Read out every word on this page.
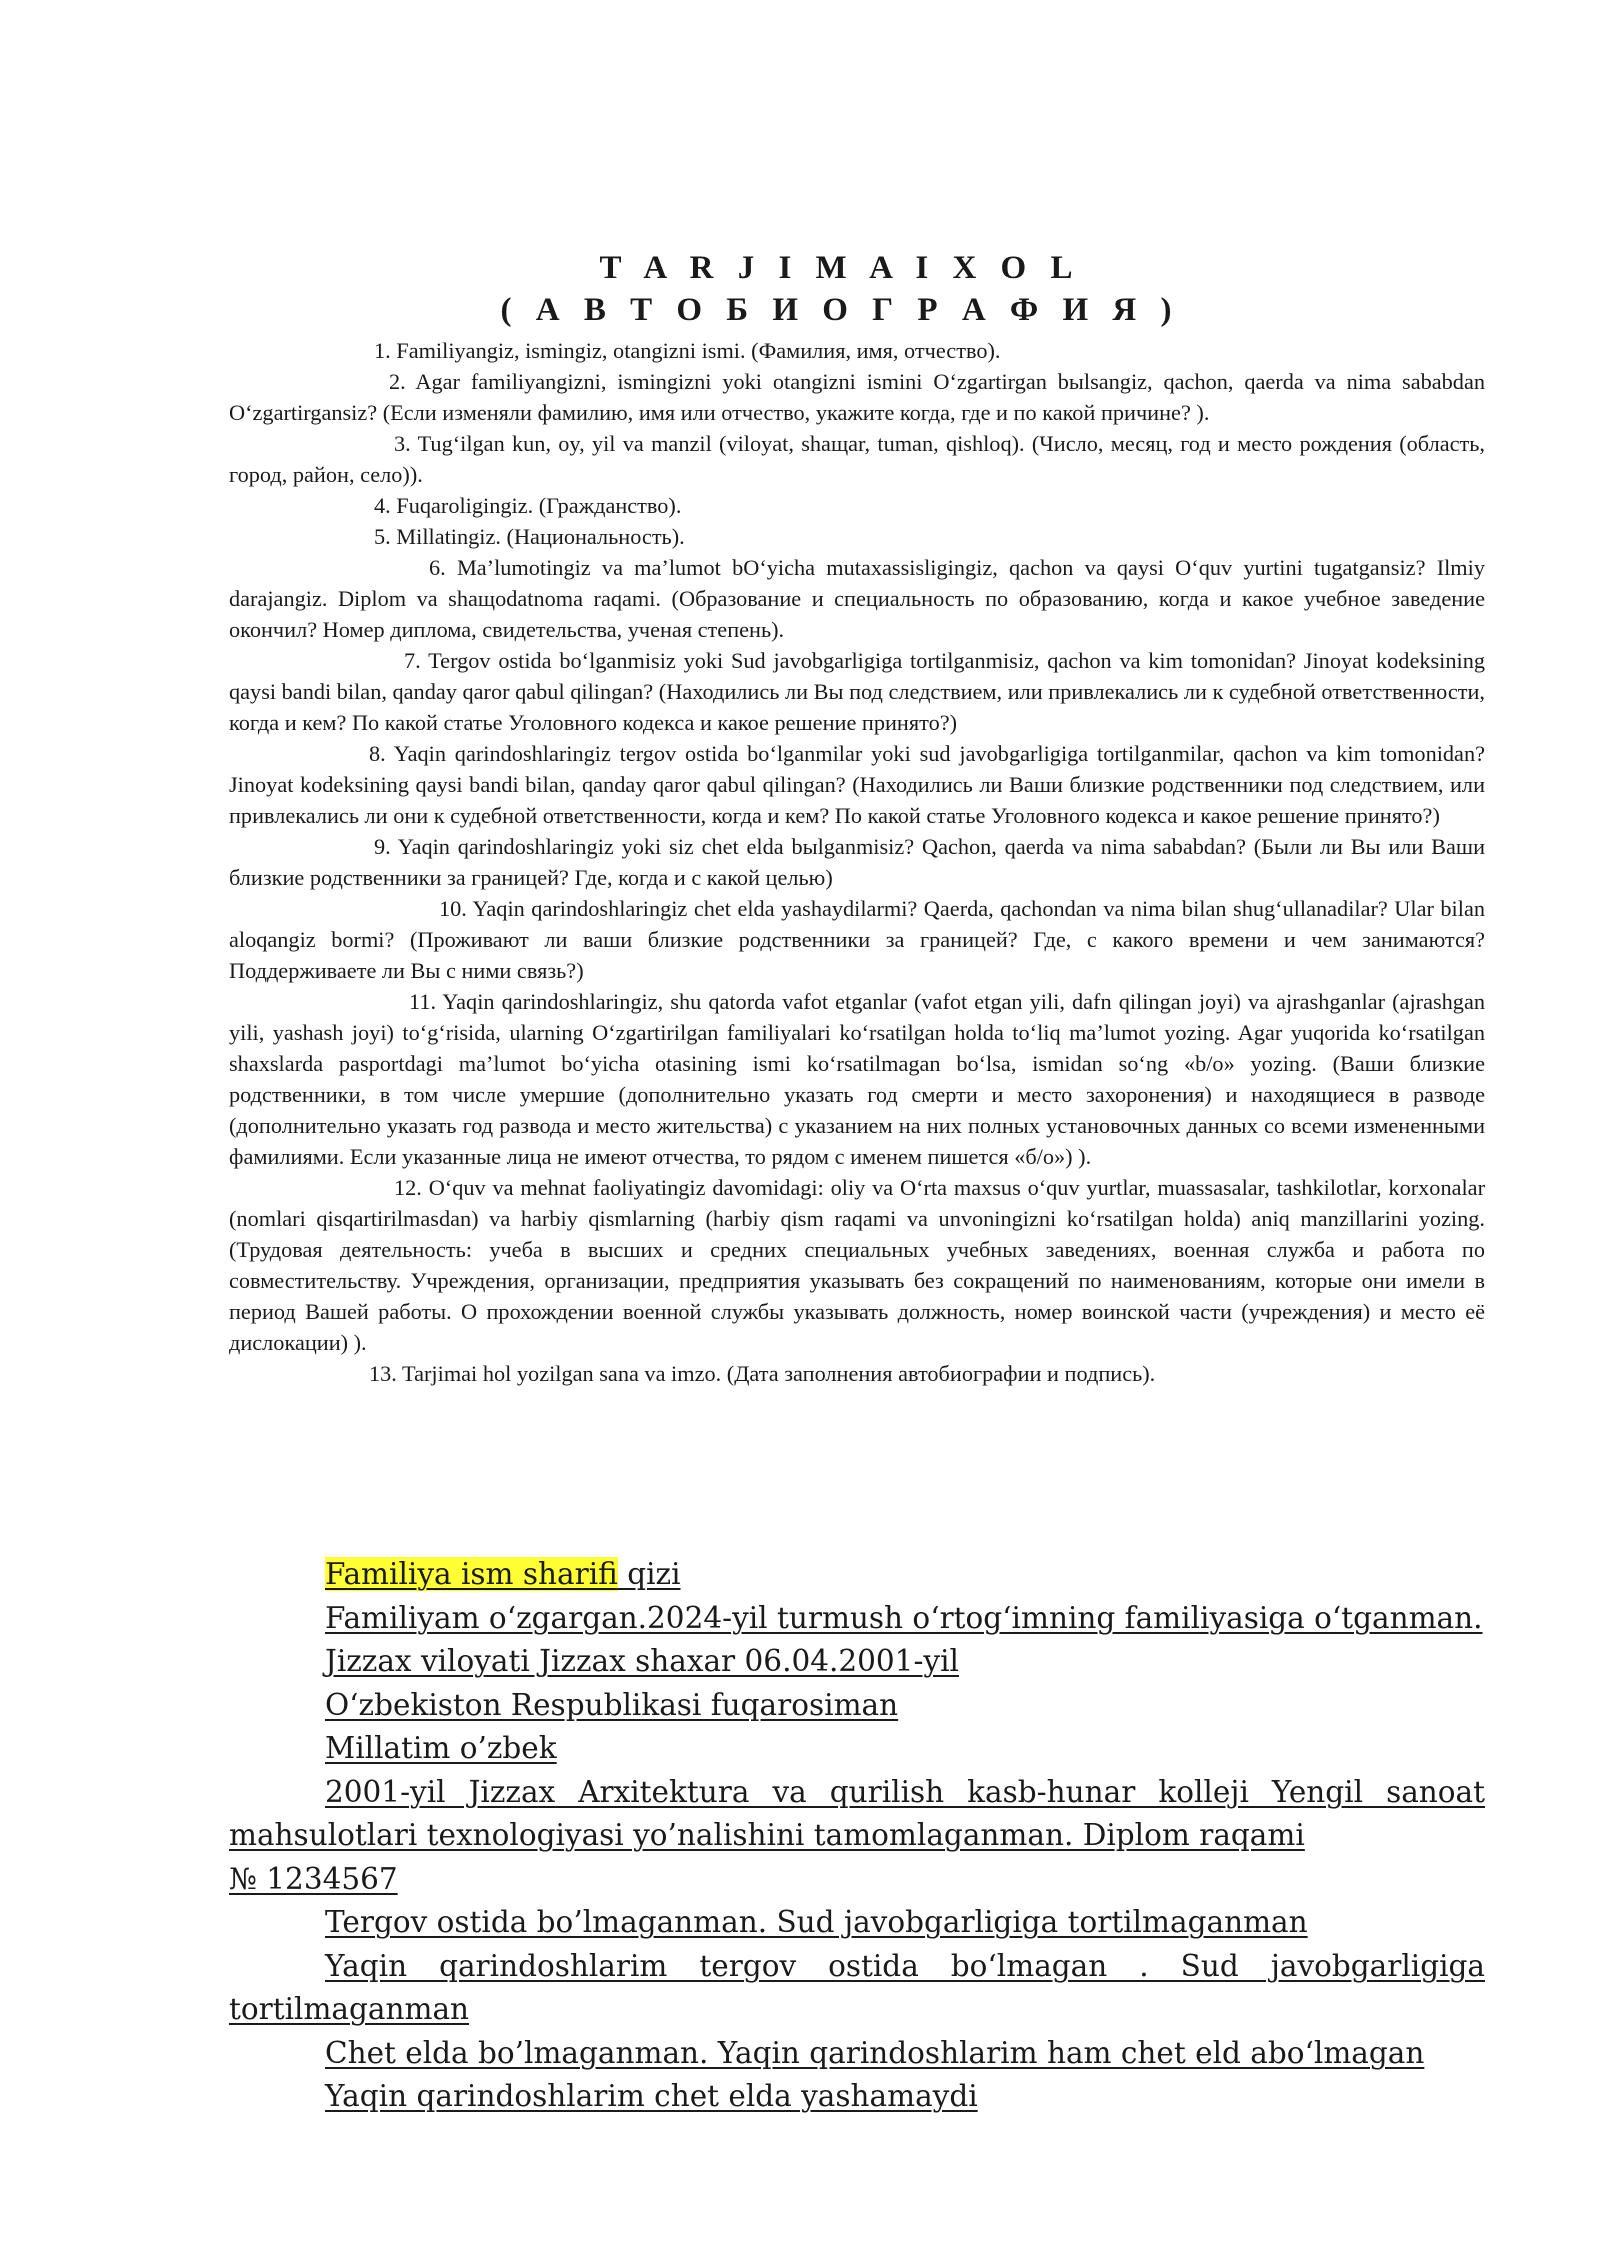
T A R J I M A I X O L
( А В Т О Б И О Г Р А Ф И Я )

1. Familiyangiz, ismingiz, otangizni ismi. (Фамилия, имя, отчество).

2. Agar familiyangizni, ismingizni yoki otangizni ismini O‘zgartirgan bыlsangiz, qachon, qaerda va nima sababdan O‘zgartirgansiz? (Если изменяли фамилию, имя или отчество, укажите когда, где и по какой причине? ).

3. Tug‘ilgan kun, oy, yil va manzil (viloyat, shaщar, tuman, qishloq). (Число, месяц, год и место рождения (область, город, район, село)).

4. Fuqaroligingiz. (Гражданство).

5. Millatingiz. (Национальность).

6. Ma’lumotingiz va ma’lumot bO‘yicha mutaxassisligingiz, qachon va qaysi O‘quv yurtini tugatgansiz? Ilmiy darajangiz. Diplom va shaщodatnoma raqami. (Образование и специальность по образованию, когда и какое учебное заведение окончил? Номер диплома, свидетельства, ученая степень).

7. Tergov ostida bo‘lganmisiz yoki Sud javobgarligiga tortilganmisiz, qachon va kim tomonidan? Jinoyat kodeksining qaysi bandi bilan, qanday qaror qabul qilingan? (Находились ли Вы под следствием, или привлекались ли к судебной ответственности, когда и кем? По какой статье Уголовного кодекса и какое решение принято?)

8. Yaqin qarindoshlaringiz tergov ostida bo‘lganmilar yoki sud javobgarligiga tortilganmilar, qachon va kim tomonidan? Jinoyat kodeksining qaysi bandi bilan, qanday qaror qabul qilingan? (Находились ли Ваши близкие родственники под следствием, или привлекались ли они к судебной ответственности, когда и кем? По какой статье Уголовного кодекса и какое решение принято?)

9. Yaqin qarindoshlaringiz yoki siz chet elda bыlganmisiz? Qachon, qaerda va nima sababdan? (Были ли Вы или Ваши близкие родственники за границей? Где, когда и с какой целью)

10. Yaqin qarindoshlaringiz chet elda yashaydilarmi? Qaerda, qachondan va nima bilan shug‘ullanadilar? Ular bilan aloqangiz bormi? (Проживают ли ваши близкие родственники за границей? Где, с какого времени и чем занимаются? Поддерживаете ли Вы с ними связь?)

11. Yaqin qarindoshlaringiz, shu qatorda vafot etganlar (vafot etgan yili, dafn qilingan joyi) va ajrashganlar (ajrashgan yili, yashash joyi) to‘g‘risida, ularning O‘zgartirilgan familiyalari ko‘rsatilgan holda to‘liq ma’lumot yozing. Agar yuqorida ko‘rsatilgan shaxslarda pasportdagi ma’lumot bo‘yicha otasining ismi ko‘rsatilmagan bo‘lsa, ismidan so‘ng «b/o» yozing. (Ваши близкие родственники, в том числе умершие (дополнительно указать год смерти и место захоронения) и находящиеся в разводе (дополнительно указать год развода и место жительства) с указанием на них полных установочных данных со всеми измененными фамилиями. Если указанные лица не имеют отчества, то рядом с именем пишется «б/о») ).

12. O‘quv va mehnat faoliyatingiz davomidagi: oliy va O‘rta maxsus o‘quv yurtlar, muassasalar, tashkilotlar, korxonalar (nomlari qisqartirilmasdan) va harbiy qismlarning (harbiy qism raqami va unvoningizni ko‘rsatilgan holda) aniq manzillarini yozing. (Трудовая деятельность: учеба в высших и средних специальных учебных заведениях, военная служба и работа по совместительству. Учреждения, организации, предприятия указывать без сокращений по наименованиям, которые они имели в период Вашей работы. О прохождении военной службы указывать должность, номер воинской части (учреждения) и место её дислокации) ).

13. Tarjimai hol yozilgan sana va imzo. (Дата заполнения автобиографии и подпись).

Familiya ism sharifi qizi

Familiyam o‘zgargan.2024-yil turmush o‘rtog‘imning familiyasiga o‘tganman.

Jizzax viloyati Jizzax shaxar 06.04.2001-yil

O‘zbekiston Respublikasi fuqarosiman

Millatim o’zbek

2001-yil Jizzax Arxitektura va qurilish kasb-hunar kolleji Yengil sanoat mahsulotlari texnologiyasi yo’nalishini tamomlaganman. Diplom raqami

№ 1234567

Tergov ostida bo’lmaganman. Sud javobgarligiga tortilmaganman

Yaqin qarindoshlarim tergov ostida bo‘lmagan . Sud javobgarligiga tortilmaganman

Chet elda bo’lmaganman. Yaqin qarindoshlarim ham chet eld abo‘lmagan

Yaqin qarindoshlarim chet elda yashamaydi
